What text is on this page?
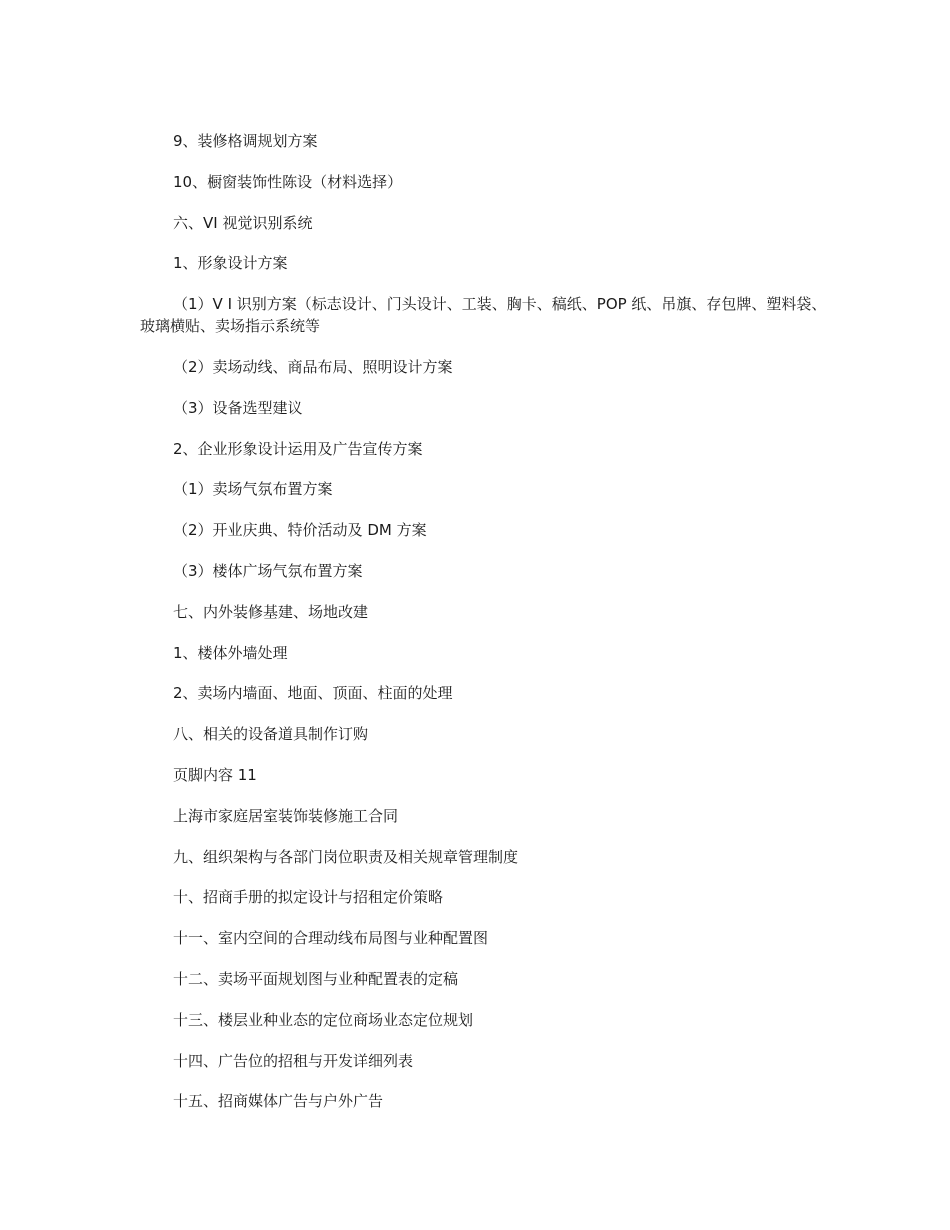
9、装修格调规划方案

10、橱窗装饰性陈设（材料选择）

六、VI 视觉识别系统

1、形象设计方案

（1）V I 识别方案（标志设计、门头设计、工装、胸卡、稿纸、POP 纸、吊旗、存包牌、塑料袋、玻璃横贴、卖场指示系统等

（2）卖场动线、商品布局、照明设计方案

（3）设备选型建议

2、企业形象设计运用及广告宣传方案

（1）卖场气氛布置方案

（2）开业庆典、特价活动及 DM 方案

（3）楼体广场气氛布置方案

七、内外装修基建、场地改建

1、楼体外墙处理

2、卖场内墙面、地面、顶面、柱面的处理

八、相关的设备道具制作订购

页脚内容 11

上海市家庭居室装饰装修施工合同

九、组织架构与各部门岗位职责及相关规章管理制度

十、招商手册的拟定设计与招租定价策略

十一、室内空间的合理动线布局图与业种配置图

十二、卖场平面规划图与业种配置表的定稿

十三、楼层业种业态的定位商场业态定位规划

十四、广告位的招租与开发详细列表

十五、招商媒体广告与户外广告
